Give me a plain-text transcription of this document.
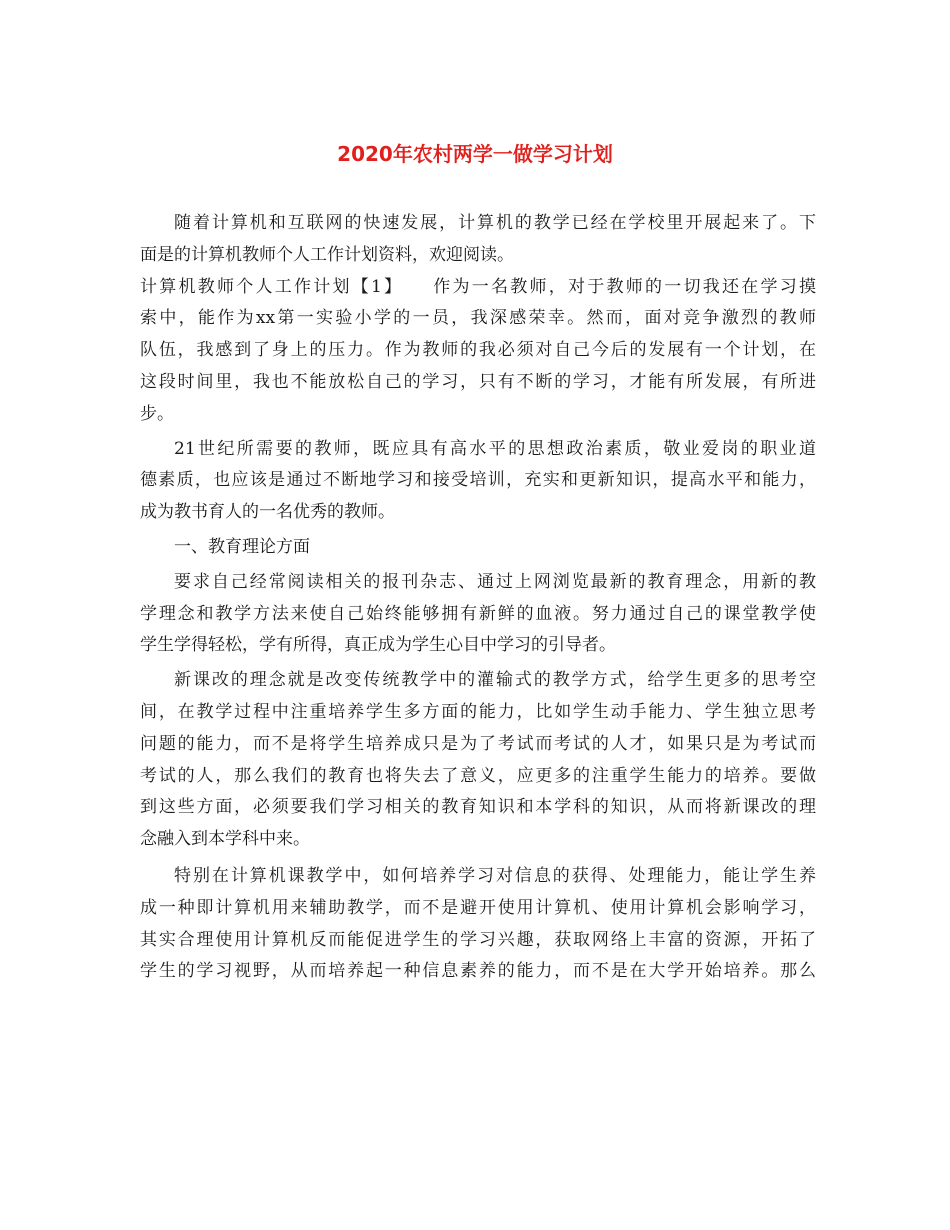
2020年农村两学一做学习计划
随着计算机和互联网的快速发展，计算机的教学已经在学校里开展起来了。下
面是的计算机教师个人工作计划资料，欢迎阅读。
计算机教师个人工作计划【1】　　作为一名教师，对于教师的一切我还在学习摸
索中，能作为xx第一实验小学的一员，我深感荣幸。然而，面对竞争激烈的教师
队伍，我感到了身上的压力。作为教师的我必须对自己今后的发展有一个计划，在
这段时间里，我也不能放松自己的学习，只有不断的学习，才能有所发展，有所进
步。
21世纪所需要的教师，既应具有高水平的思想政治素质，敬业爱岗的职业道
德素质，也应该是通过不断地学习和接受培训，充实和更新知识，提高水平和能力，
成为教书育人的一名优秀的教师。
一、教育理论方面
要求自己经常阅读相关的报刊杂志、通过上网浏览最新的教育理念，用新的教
学理念和教学方法来使自己始终能够拥有新鲜的血液。努力通过自己的课堂教学使
学生学得轻松，学有所得，真正成为学生心目中学习的引导者。
新课改的理念就是改变传统教学中的灌输式的教学方式，给学生更多的思考空
间，在教学过程中注重培养学生多方面的能力，比如学生动手能力、学生独立思考
问题的能力，而不是将学生培养成只是为了考试而考试的人才，如果只是为考试而
考试的人，那么我们的教育也将失去了意义，应更多的注重学生能力的培养。要做
到这些方面，必须要我们学习相关的教育知识和本学科的知识，从而将新课改的理
念融入到本学科中来。
特别在计算机课教学中，如何培养学习对信息的获得、处理能力，能让学生养
成一种即计算机用来辅助教学，而不是避开使用计算机、使用计算机会影响学习，
其实合理使用计算机反而能促进学生的学习兴趣，获取网络上丰富的资源，开拓了
学生的学习视野，从而培养起一种信息素养的能力，而不是在大学开始培养。那么
